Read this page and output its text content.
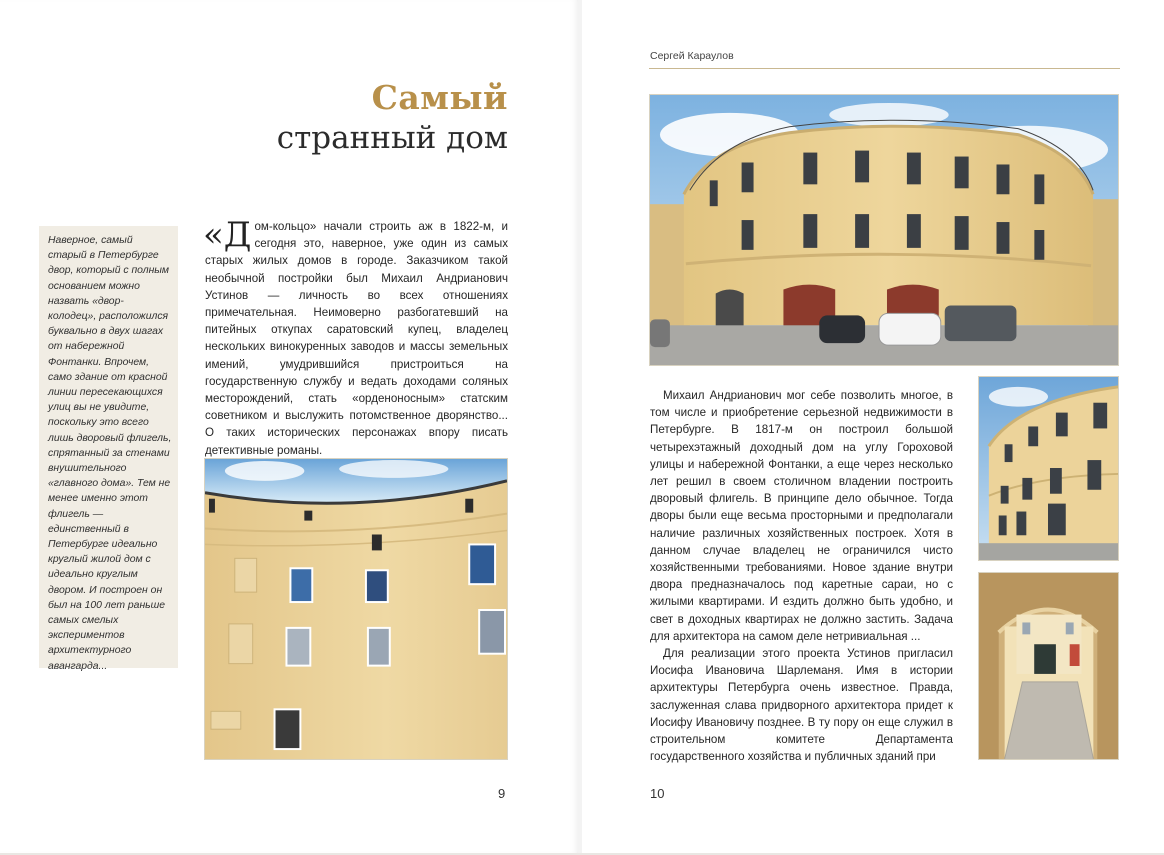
Самый
странный дом

Наверное, самый старый в Петербурге двор, который с полным основанием можно назвать «двор-колодец», расположился буквально в двух шагах от набережной Фонтанки. Впрочем, само здание от красной линии пересекающихся улиц вы не увидите, поскольку это всего лишь дворовый флигель, спрятанный за стенами внушительного «главного дома». Тем не менее именно этот флигель — единственный в Петербурге идеально круглый жилой дом с идеально круглым двором. И построен он был на 100 лет раньше самых смелых экспериментов архитектурного авангарда...

«Дом-кольцо» начали строить аж в 1822-м, и сегодня это, наверное, уже один из самых старых жилых домов в городе. Заказчиком такой необычной постройки был Михаил Андрианович Устинов — личность во всех отношениях примечательная. Неимоверно разбогатевший на питейных откупах саратовский купец, владелец нескольких винокуренных заводов и массы земельных имений, умудрившийся пристроиться на государственную службу и ведать доходами соляных месторождений, стать «орденоносным» статским советником и выслужить потомственное дворянство... О таких исторических персонажах впору писать детективные романы.
9
Сергей Караулов

Михаил Андрианович мог себе позволить многое, в том числе и приобретение серьезной недвижимости в Петербурге. В 1817-м он построил большой четырехэтажный доходный дом на углу Гороховой улицы и набережной Фонтанки, а еще через несколько лет решил в своем столичном владении построить дворовый флигель. В принципе дело обычное. Тогда дворы были еще весьма просторными и предполагали наличие различных хозяйственных построек. Хотя в данном случае владелец не ограничился чисто хозяйственными требованиями. Новое здание внутри двора предназначалось под каретные сараи, но с жилыми квартирами. И ездить должно быть удобно, и свет в доходных квартирах не должно застить. Задача для архитектора на самом деле нетривиальная ...

Для реализации этого проекта Устинов пригласил Иосифа Ивановича Шарлеманя. Имя в истории архитектуры Петербурга очень известное. Правда, заслуженная слава придворного архитектора придет к Иосифу Ивановичу позднее. В ту пору он еще служил в строительном комитете Департамента государственного хозяйства и публичных зданий при

10
